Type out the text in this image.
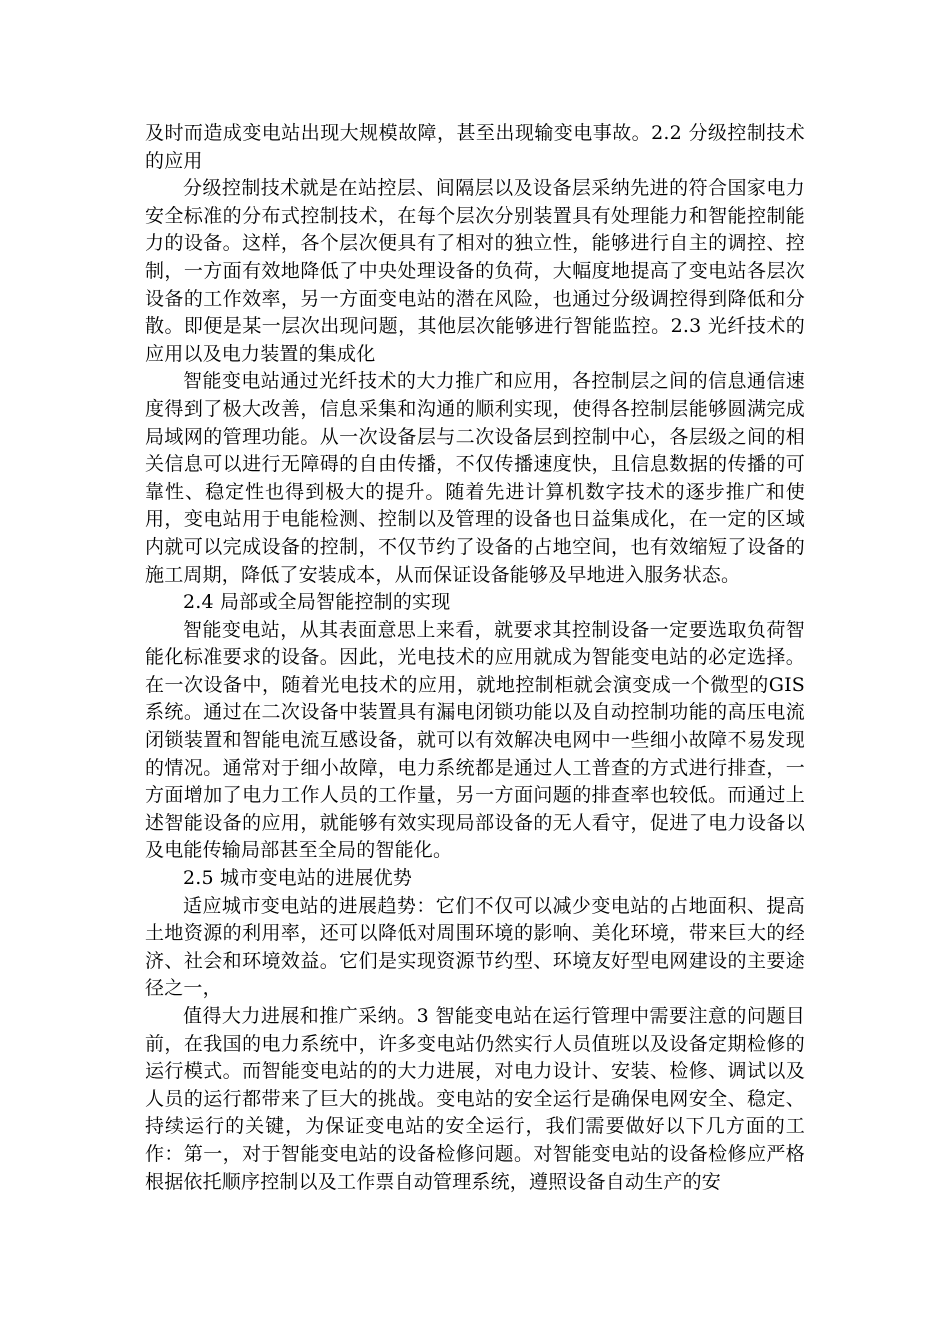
及时而造成变电站出现大规模故障，甚至出现输变电事故。2.2 分级控制技术的应用

分级控制技术就是在站控层、间隔层以及设备层采纳先进的符合国家电力安全标准的分布式控制技术，在每个层次分别装置具有处理能力和智能控制能力的设备。这样，各个层次便具有了相对的独立性，能够进行自主的调控、控制，一方面有效地降低了中央处理设备的负荷，大幅度地提高了变电站各层次设备的工作效率，另一方面变电站的潜在风险，也通过分级调控得到降低和分散。即便是某一层次出现问题，其他层次能够进行智能监控。2.3 光纤技术的应用以及电力装置的集成化

智能变电站通过光纤技术的大力推广和应用，各控制层之间的信息通信速度得到了极大改善，信息采集和沟通的顺利实现，使得各控制层能够圆满完成局域网的管理功能。从一次设备层与二次设备层到控制中心，各层级之间的相关信息可以进行无障碍的自由传播，不仅传播速度快，且信息数据的传播的可靠性、稳定性也得到极大的提升。随着先进计算机数字技术的逐步推广和使用，变电站用于电能检测、控制以及管理的设备也日益集成化，在一定的区域内就可以完成设备的控制，不仅节约了设备的占地空间，也有效缩短了设备的施工周期，降低了安装成本，从而保证设备能够及早地进入服务状态。

2.4 局部或全局智能控制的实现

智能变电站，从其表面意思上来看，就要求其控制设备一定要选取负荷智能化标准要求的设备。因此，光电技术的应用就成为智能变电站的必定选择。在一次设备中，随着光电技术的应用，就地控制柜就会演变成一个微型的GIS系统。通过在二次设备中装置具有漏电闭锁功能以及自动控制功能的高压电流闭锁装置和智能电流互感设备，就可以有效解决电网中一些细小故障不易发现的情况。通常对于细小故障，电力系统都是通过人工普查的方式进行排查，一方面增加了电力工作人员的工作量，另一方面问题的排查率也较低。而通过上述智能设备的应用，就能够有效实现局部设备的无人看守，促进了电力设备以及电能传输局部甚至全局的智能化。

2.5 城市变电站的进展优势

适应城市变电站的进展趋势：它们不仅可以减少变电站的占地面积、提高土地资源的利用率，还可以降低对周围环境的影响、美化环境，带来巨大的经济、社会和环境效益。它们是实现资源节约型、环境友好型电网建设的主要途径之一，

值得大力进展和推广采纳。3 智能变电站在运行管理中需要注意的问题目前，在我国的电力系统中，许多变电站仍然实行人员值班以及设备定期检修的运行模式。而智能变电站的的大力进展，对电力设计、安装、检修、调试以及人员的运行都带来了巨大的挑战。变电站的安全运行是确保电网安全、稳定、持续运行的关键，为保证变电站的安全运行，我们需要做好以下几方面的工作：第一，对于智能变电站的设备检修问题。对智能变电站的设备检修应严格根据依托顺序控制以及工作票自动管理系统，遵照设备自动生产的安
